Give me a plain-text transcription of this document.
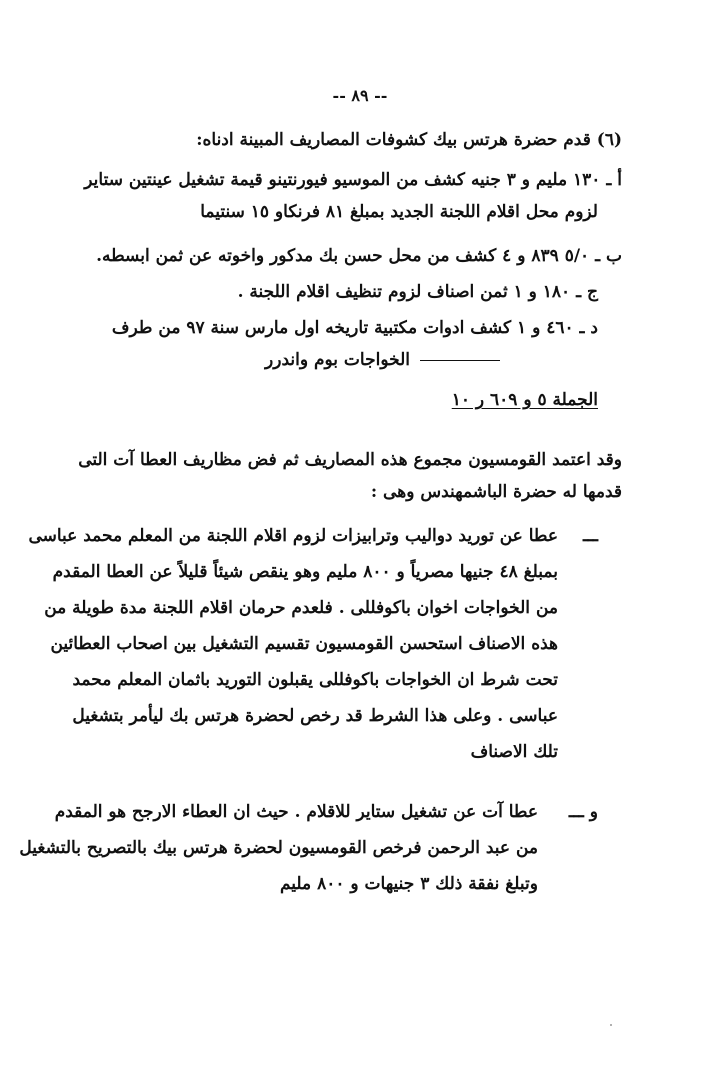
-- ٨٩ --
(٦) قدم حضرة هرتس بيك كشوفات المصاريف المبينة ادناه:
أ ـ ١٣٠ مليم و ٣ جنيه كشف من الموسيو فيورنتينو قيمة تشغيل عينتين ستاير
لزوم محل اقلام اللجنة الجديد بمبلغ ٨١ فرنكاو ١٥ سنتيما
ب ـ ٥/٠ ٨٣٩ و ٤ كشف من محل حسن بك مدكور واخوته عن ثمن ابسطه.
ج ـ ١٨٠ و ١ ثمن اصناف لزوم تنظيف اقلام اللجنة .
د ـ ٤٦٠ و ١ كشف ادوات مكتبية تاريخه اول مارس سنة ٩٧ من طرف
الخواجات بوم واندرر
الجملة ٥ و ٦٠٩ ر ١٠
وقد اعتمد القومسيون مجموع هذه المصاريف ثم فض مظاريف العطا آت التى
قدمها له حضرة الباشمهندس وهى :
ـــ
عطا عن توريد دواليب وترابيزات لزوم اقلام اللجنة من المعلم محمد عباسى
بمبلغ ٤٨ جنيها مصرياً و ٨٠٠ مليم وهو ينقص شيئاً قليلاً عن العطا المقدم
من الخواجات اخوان باكوفللى . فلعدم حرمان اقلام اللجنة مدة طويلة من
هذه الاصناف استحسن القومسيون تقسيم التشغيل بين اصحاب العطائين
تحت شرط ان الخواجات باكوفللى يقبلون التوريد باثمان المعلم محمد
عباسى . وعلى هذا الشرط قد رخص لحضرة هرتس بك ليأمر بتشغيل
تلك الاصناف
و ـــ
عطا آت عن تشغيل ستاير للاقلام . حيث ان العطاء الارجح هو المقدم
من عبد الرحمن فرخص القومسيون لحضرة هرتس بيك بالتصريح بالتشغيل
وتبلغ نفقة ذلك ٣ جنيهات و ٨٠٠ مليم
